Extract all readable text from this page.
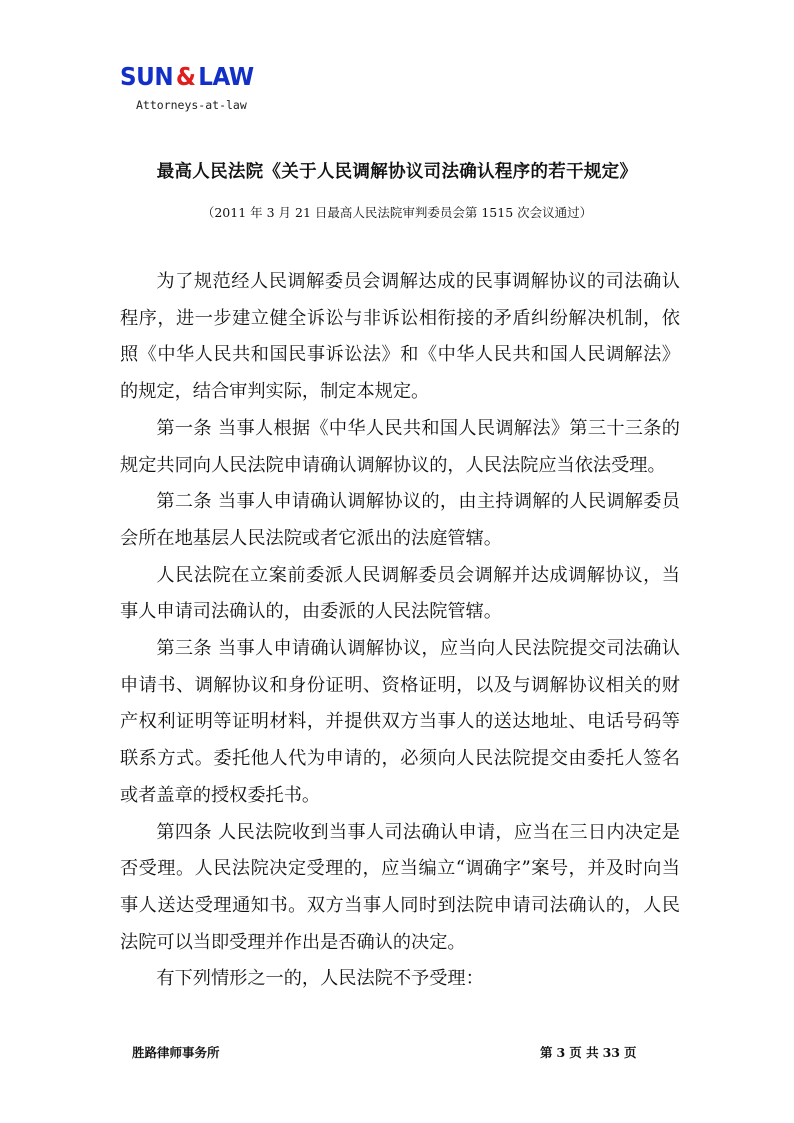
SUN & LAW
Attorneys-at-law
最高人民法院《关于人民调解协议司法确认程序的若干规定》
（2011 年 3 月 21 日最高人民法院审判委员会第 1515 次会议通过）

为了规范经人民调解委员会调解达成的民事调解协议的司法确认程序，进一步建立健全诉讼与非诉讼相衔接的矛盾纠纷解决机制，依照《中华人民共和国民事诉讼法》和《中华人民共和国人民调解法》的规定，结合审判实际，制定本规定。

第一条 当事人根据《中华人民共和国人民调解法》第三十三条的规定共同向人民法院申请确认调解协议的，人民法院应当依法受理。

第二条 当事人申请确认调解协议的，由主持调解的人民调解委员会所在地基层人民法院或者它派出的法庭管辖。

人民法院在立案前委派人民调解委员会调解并达成调解协议，当事人申请司法确认的，由委派的人民法院管辖。

第三条 当事人申请确认调解协议，应当向人民法院提交司法确认申请书、调解协议和身份证明、资格证明，以及与调解协议相关的财产权利证明等证明材料，并提供双方当事人的送达地址、电话号码等联系方式。委托他人代为申请的，必须向人民法院提交由委托人签名或者盖章的授权委托书。

第四条 人民法院收到当事人司法确认申请，应当在三日内决定是否受理。人民法院决定受理的，应当编立“调确字”案号，并及时向当事人送达受理通知书。双方当事人同时到法院申请司法确认的，人民法院可以当即受理并作出是否确认的决定。

有下列情形之一的，人民法院不予受理：

胜路律师事务所	第 3 页 共 33 页
